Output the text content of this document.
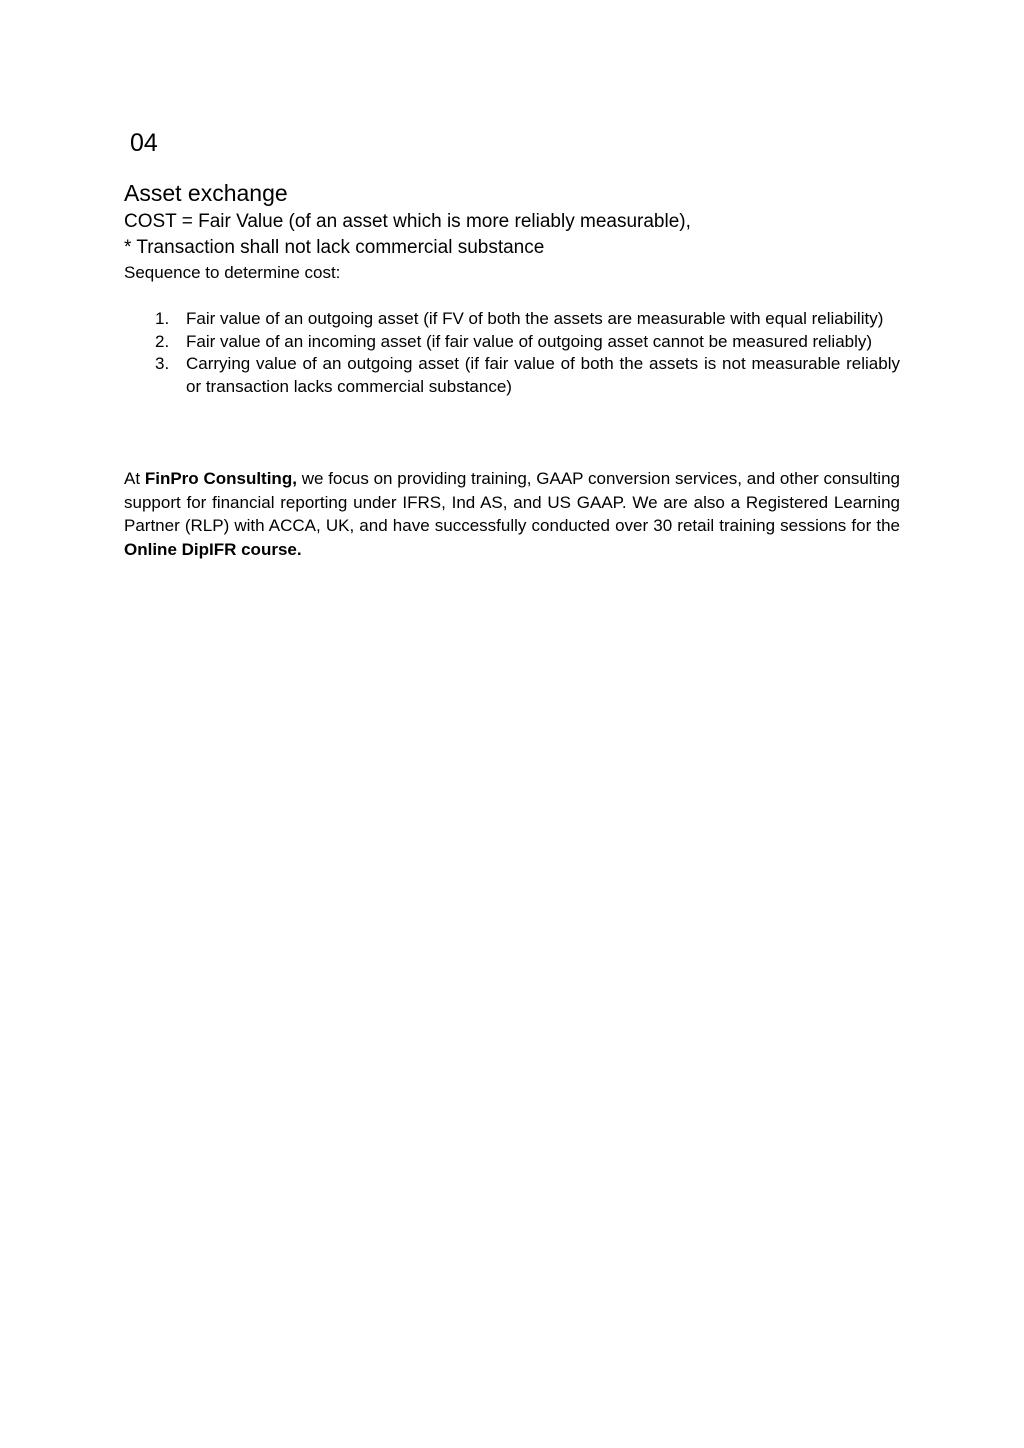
04
Asset exchange

COST = Fair Value (of an asset which is more reliably measurable),

* Transaction shall not lack commercial substance

Sequence to determine cost:

1. Fair value of an outgoing asset (if FV of both the assets are measurable with equal reliability)
2. Fair value of an incoming asset (if fair value of outgoing asset cannot be measured reliably)
3. Carrying value of an outgoing asset (if fair value of both the assets is not measurable reliably or transaction lacks commercial substance)

At FinPro Consulting, we focus on providing training, GAAP conversion services, and other consulting support for financial reporting under IFRS, Ind AS, and US GAAP. We are also a Registered Learning Partner (RLP) with ACCA, UK, and have successfully conducted over 30 retail training sessions for the Online DipIFR course.
